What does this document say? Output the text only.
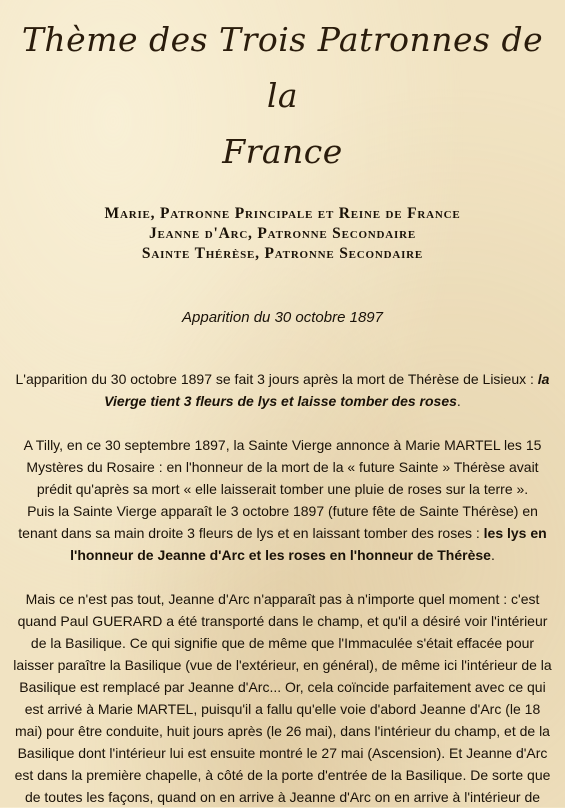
Thème des Trois Patronnes de la
France
Marie, Patronne Principale et Reine de France
Jeanne d'Arc, Patronne Secondaire
Sainte Thérèse, Patronne Secondaire
Apparition du 30 octobre 1897

L'apparition du 30 octobre 1897 se fait 3 jours après la mort de Thérèse de Lisieux : la Vierge tient 3 fleurs de lys et laisse tomber des roses.

A Tilly, en ce 30 septembre 1897, la Sainte Vierge annonce à Marie MARTEL les 15 Mystères du Rosaire : en l'honneur de la mort de la « future Sainte » Thérèse avait prédit qu'après sa mort « elle laisserait tomber une pluie de roses sur la terre ».

Puis la Sainte Vierge apparaît le 3 octobre 1897 (future fête de Sainte Thérèse) en tenant dans sa main droite 3 fleurs de lys et en laissant tomber des roses : les lys en l'honneur de Jeanne d'Arc et les roses en l'honneur de Thérèse.

Mais ce n'est pas tout, Jeanne d'Arc n'apparaît pas à n'importe quel moment : c'est quand Paul GUERARD a été transporté dans le champ, et qu'il a désiré voir l'intérieur de la Basilique. Ce qui signifie que de même que l'Immaculée s'était effacée pour laisser paraître la Basilique (vue de l'extérieur, en général), de même ici l'intérieur de la Basilique est remplacé par Jeanne d'Arc... Or, cela coïncide parfaitement avec ce qui est arrivé à Marie MARTEL, puisqu'il a fallu qu'elle voie d'abord Jeanne d'Arc (le 18 mai) pour être conduite, huit jours après (le 26 mai), dans l'intérieur du champ, et de la Basilique dont l'intérieur lui est ensuite montré le 27 mai (Ascension). Et Jeanne d'Arc est dans la première chapelle, à côté de la porte d'entrée de la Basilique. De sorte que de toutes les façons, quand on en arrive à Jeanne d'Arc on en arrive à l'intérieur de
